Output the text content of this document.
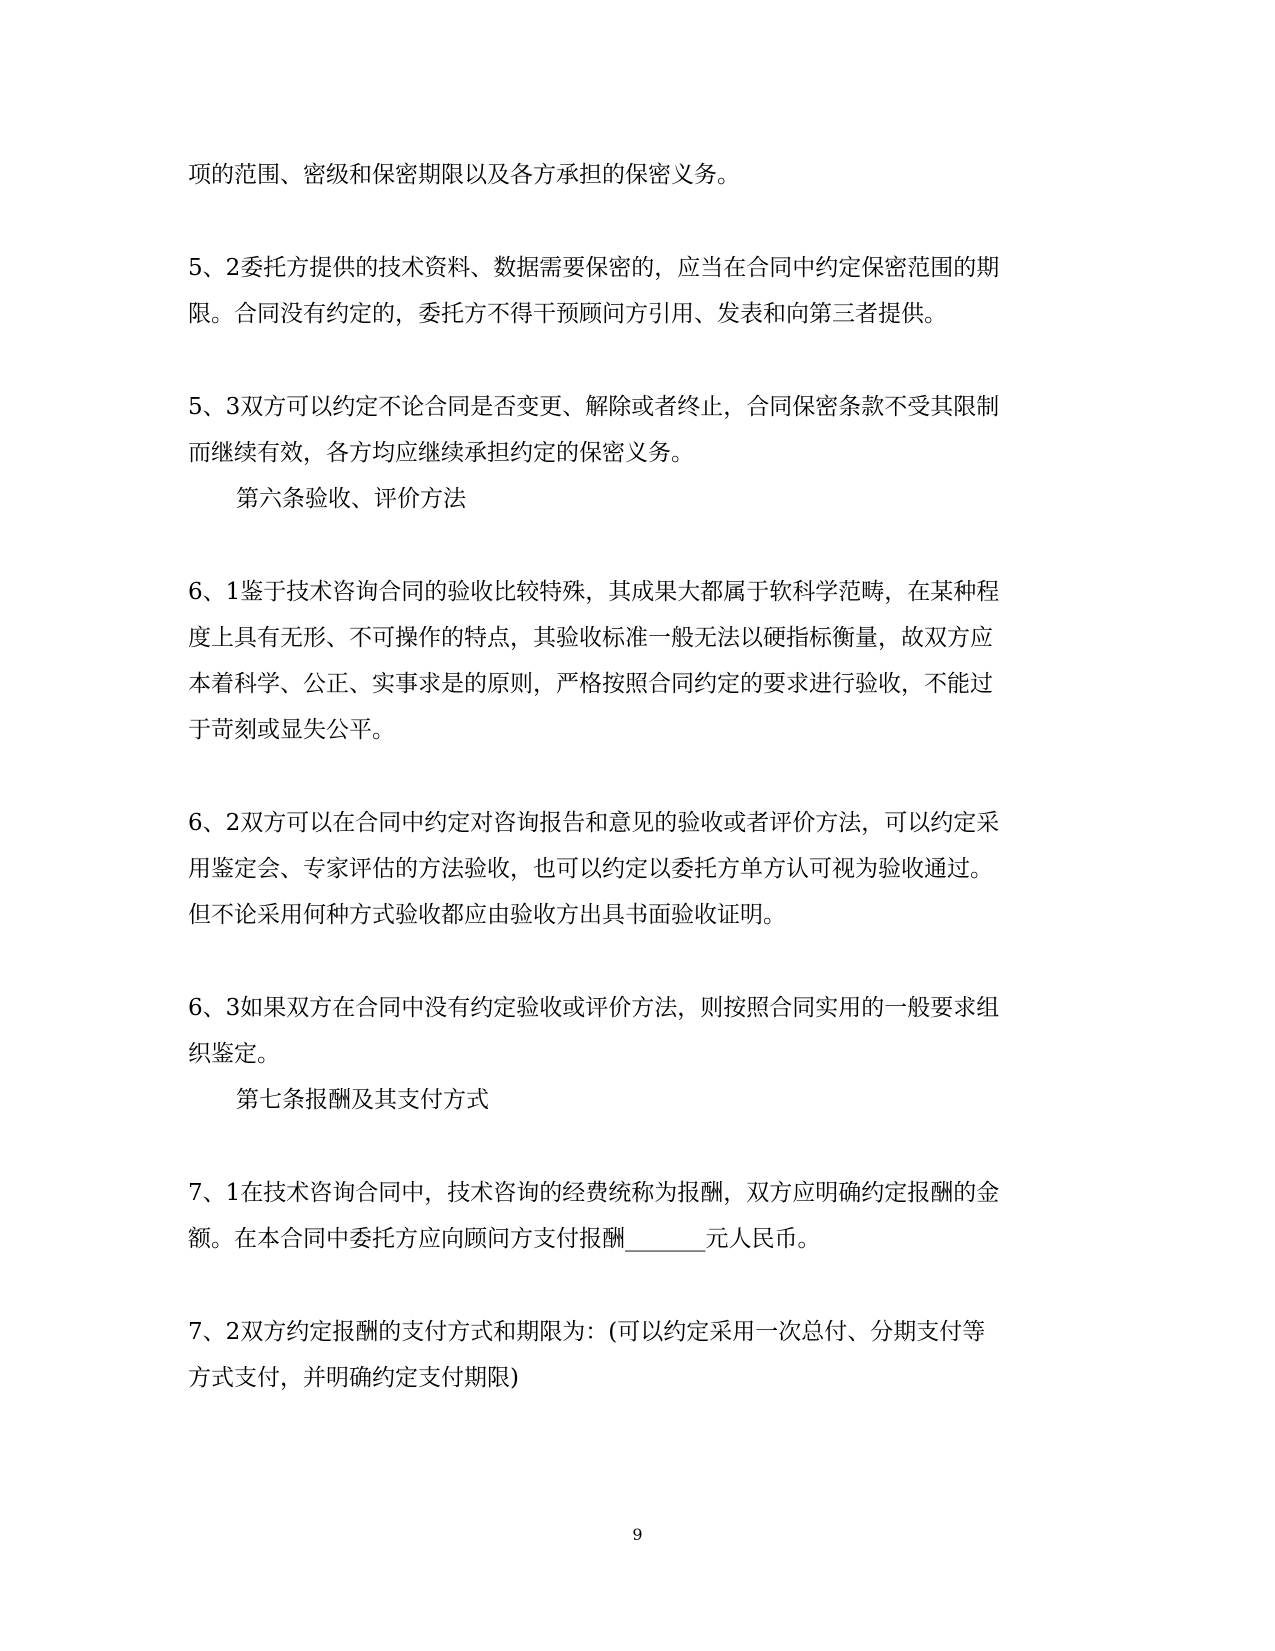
项的范围、密级和保密期限以及各方承担的保密义务。

5、2委托方提供的技术资料、数据需要保密的，应当在合同中约定保密范围的期

限。合同没有约定的，委托方不得干预顾问方引用、发表和向第三者提供。

5、3双方可以约定不论合同是否变更、解除或者终止，合同保密条款不受其限制

而继续有效，各方均应继续承担约定的保密义务。

第六条验收、评价方法

6、1鉴于技术咨询合同的验收比较特殊，其成果大都属于软科学范畴，在某种程

度上具有无形、不可操作的特点，其验收标准一般无法以硬指标衡量，故双方应

本着科学、公正、实事求是的原则，严格按照合同约定的要求进行验收，不能过

于苛刻或显失公平。

6、2双方可以在合同中约定对咨询报告和意见的验收或者评价方法，可以约定采

用鉴定会、专家评估的方法验收，也可以约定以委托方单方认可视为验收通过。

但不论采用何种方式验收都应由验收方出具书面验收证明。

6、3如果双方在合同中没有约定验收或评价方法，则按照合同实用的一般要求组

织鉴定。

第七条报酬及其支付方式

7、1在技术咨询合同中，技术咨询的经费统称为报酬，双方应明确约定报酬的金

额。在本合同中委托方应向顾问方支付报酬_______元人民币。

7、2双方约定报酬的支付方式和期限为：(可以约定采用一次总付、分期支付等

方式支付，并明确约定支付期限)

9
